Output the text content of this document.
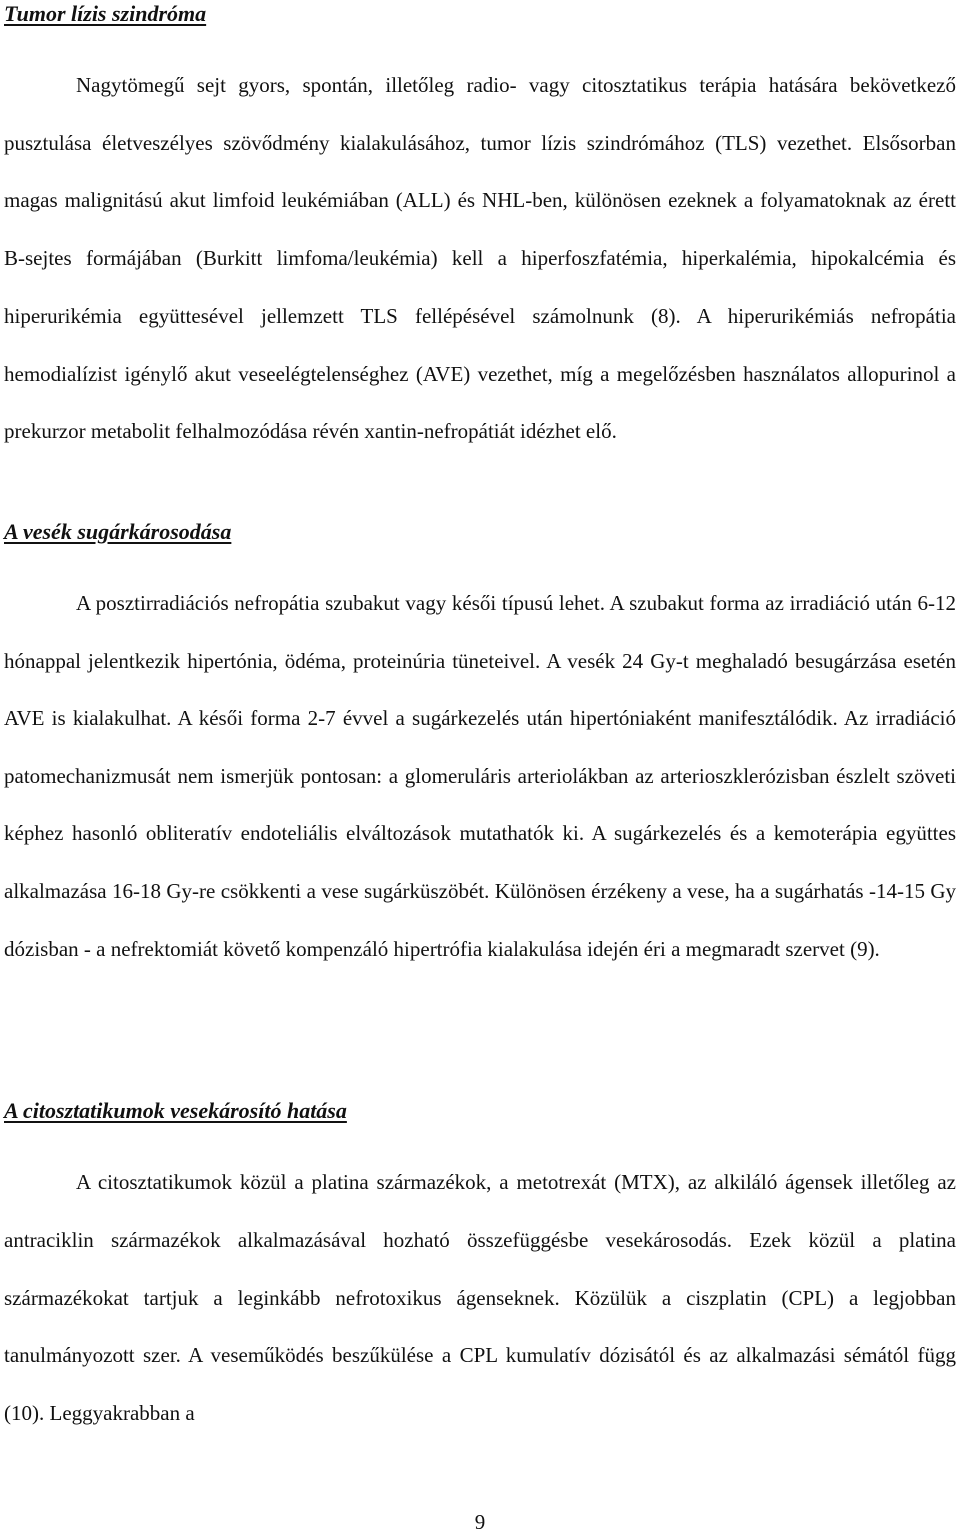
Tumor lízis szindróma

Nagytömegű sejt gyors, spontán, illetőleg radio- vagy citosztatikus terápia hatására bekövetkező pusztulása életveszélyes szövődmény kialakulásához, tumor lízis szindrómához (TLS) vezethet. Elsősorban magas malignitású akut limfoid leukémiában (ALL) és NHL-ben, különösen ezeknek a folyamatoknak az érett B-sejtes formájában (Burkitt limfoma/leukémia) kell a hiperfoszfatémia, hiperkalémia, hipokalcémia és hiperurikémia együttesével jellemzett TLS fellépésével számolnunk (8). A hiperurikémiás nefropátia hemodialízist igénylő akut veseelégtelenséghez (AVE) vezethet, míg a megelőzésben használatos allopurinol a prekurzor metabolit felhalmozódása révén xantin-nefropátiát idézhet elő.

A vesék sugárkárosodása

A posztirradiációs nefropátia szubakut vagy késői típusú lehet. A szubakut forma az irradiáció után 6-12 hónappal jelentkezik hipertónia, ödéma, proteinúria tüneteivel. A vesék 24 Gy-t meghaladó besugárzása esetén AVE is kialakulhat. A késői forma 2-7 évvel a sugárkezelés után hipertóniaként manifesztálódik. Az irradiáció patomechanizmusát nem ismerjük pontosan: a glomeruláris arteriolákban az arterioszklerózisban észlelt szöveti képhez hasonló obliteratív endoteliális elváltozások mutathatók ki. A sugárkezelés és a kemoterápia együttes alkalmazása 16-18 Gy-re csökkenti a vese sugárküszöbét. Különösen érzékeny a vese, ha a sugárhatás -14-15 Gy dózisban - a nefrektomiát követő kompenzáló hipertrófia kialakulása idején éri a megmaradt szervet (9).

A citosztatikumok vesekárosító hatása

A citosztatikumok közül a platina származékok, a metotrexát (MTX), az alkiláló ágensek illetőleg az antraciklin származékok alkalmazásával hozható összefüggésbe vesekárosodás. Ezek közül a platina származékokat tartjuk a leginkább nefrotoxikus ágenseknek. Közülük a ciszplatin (CPL) a legjobban tanulmányozott szer. A veseműködés beszűkülése a CPL kumulatív dózisától és az alkalmazási sémától függ (10). Leggyakrabban a

9
